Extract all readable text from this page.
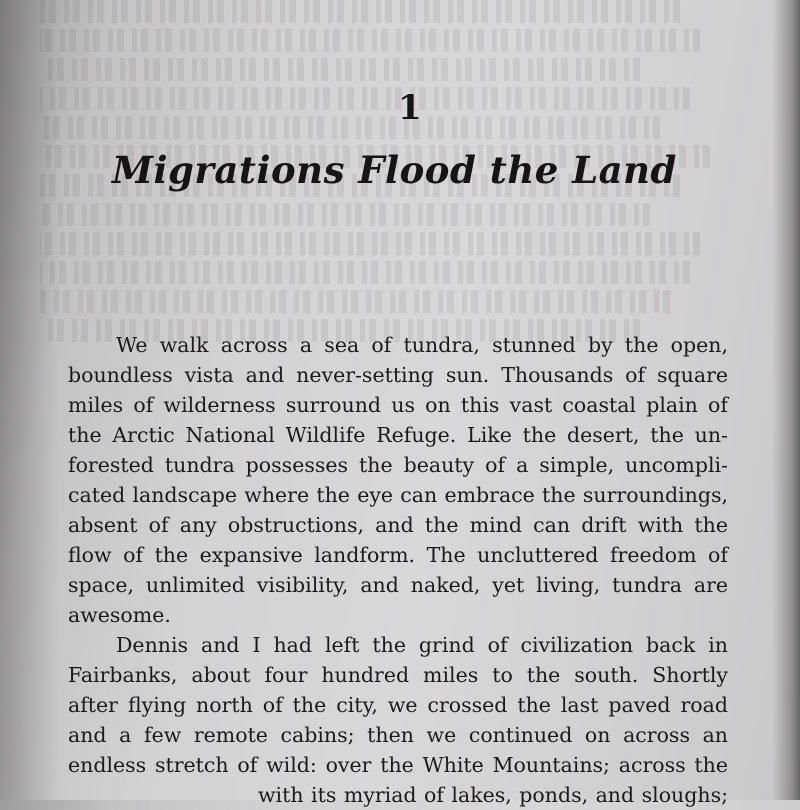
1
Migrations Flood the Land
We walk across a sea of tundra, stunned by the open,
boundless vista and never-setting sun. Thousands of square
miles of wilderness surround us on this vast coastal plain of
the Arctic National Wildlife Refuge. Like the desert, the un-
forested tundra possesses the beauty of a simple, uncompli-
cated landscape where the eye can embrace the surroundings,
absent of any obstructions, and the mind can drift with the
flow of the expansive landform. The uncluttered freedom of
space, unlimited visibility, and naked, yet living, tundra are
awesome.
Dennis and I had left the grind of civilization back in
Fairbanks, about four hundred miles to the south. Shortly
after flying north of the city, we crossed the last paved road
and a few remote cabins; then we continued on across an
endless stretch of wild: over the White Mountains; across the
with its myriad of lakes, ponds, and sloughs;
